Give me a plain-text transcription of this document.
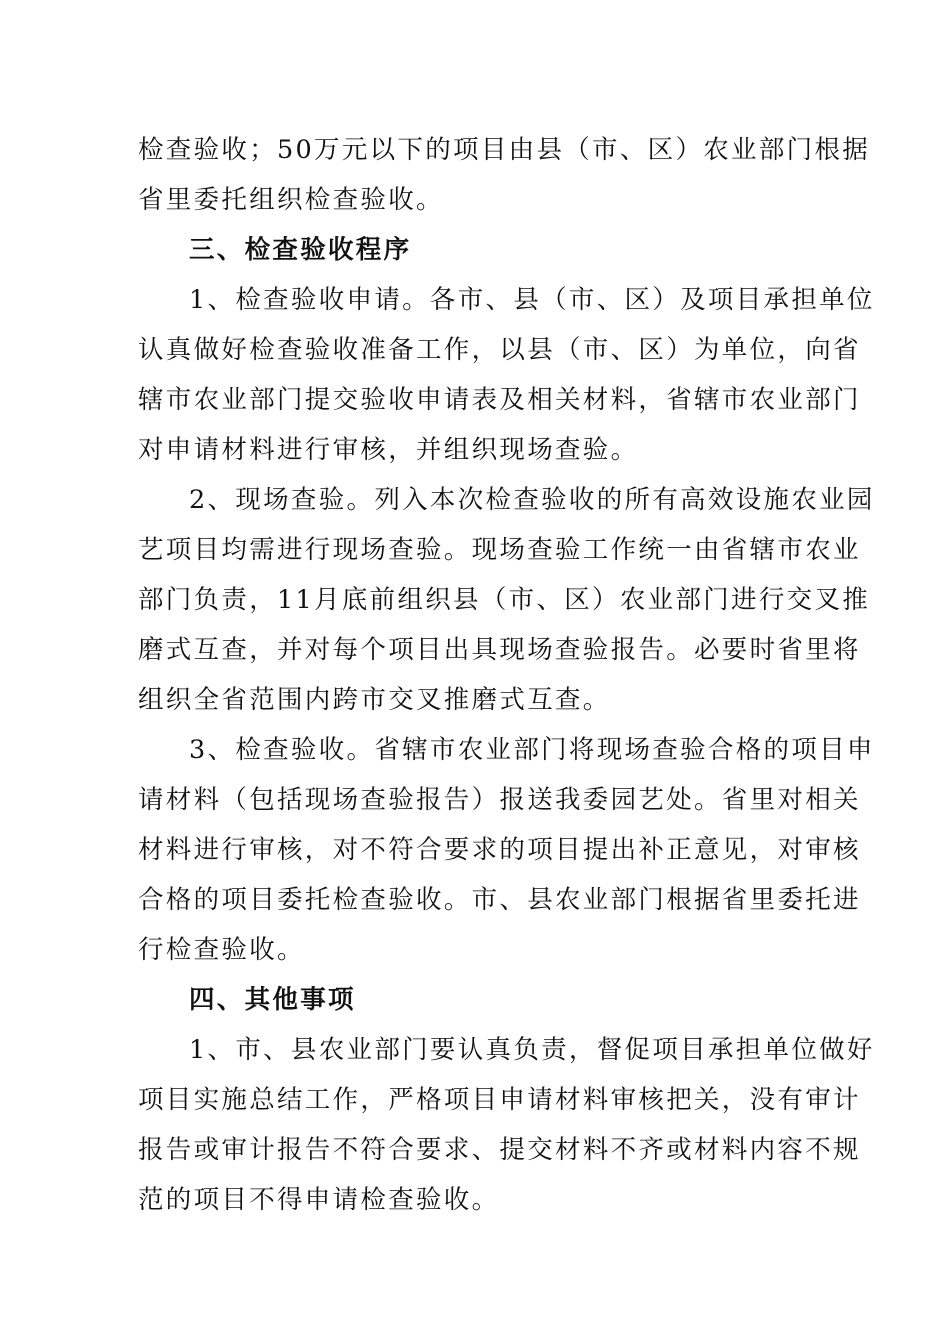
检查验收；50万元以下的项目由县（市、区）农业部门根据
省里委托组织检查验收。
三、检查验收程序
1、检查验收申请。各市、县（市、区）及项目承担单位
认真做好检查验收准备工作，以县（市、区）为单位，向省
辖市农业部门提交验收申请表及相关材料，省辖市农业部门
对申请材料进行审核，并组织现场查验。
2、现场查验。列入本次检查验收的所有高效设施农业园
艺项目均需进行现场查验。现场查验工作统一由省辖市农业
部门负责，11月底前组织县（市、区）农业部门进行交叉推
磨式互查，并对每个项目出具现场查验报告。必要时省里将
组织全省范围内跨市交叉推磨式互查。
3、检查验收。省辖市农业部门将现场查验合格的项目申
请材料（包括现场查验报告）报送我委园艺处。省里对相关
材料进行审核，对不符合要求的项目提出补正意见，对审核
合格的项目委托检查验收。市、县农业部门根据省里委托进
行检查验收。
四、其他事项
1、市、县农业部门要认真负责，督促项目承担单位做好
项目实施总结工作，严格项目申请材料审核把关，没有审计
报告或审计报告不符合要求、提交材料不齐或材料内容不规
范的项目不得申请检查验收。
